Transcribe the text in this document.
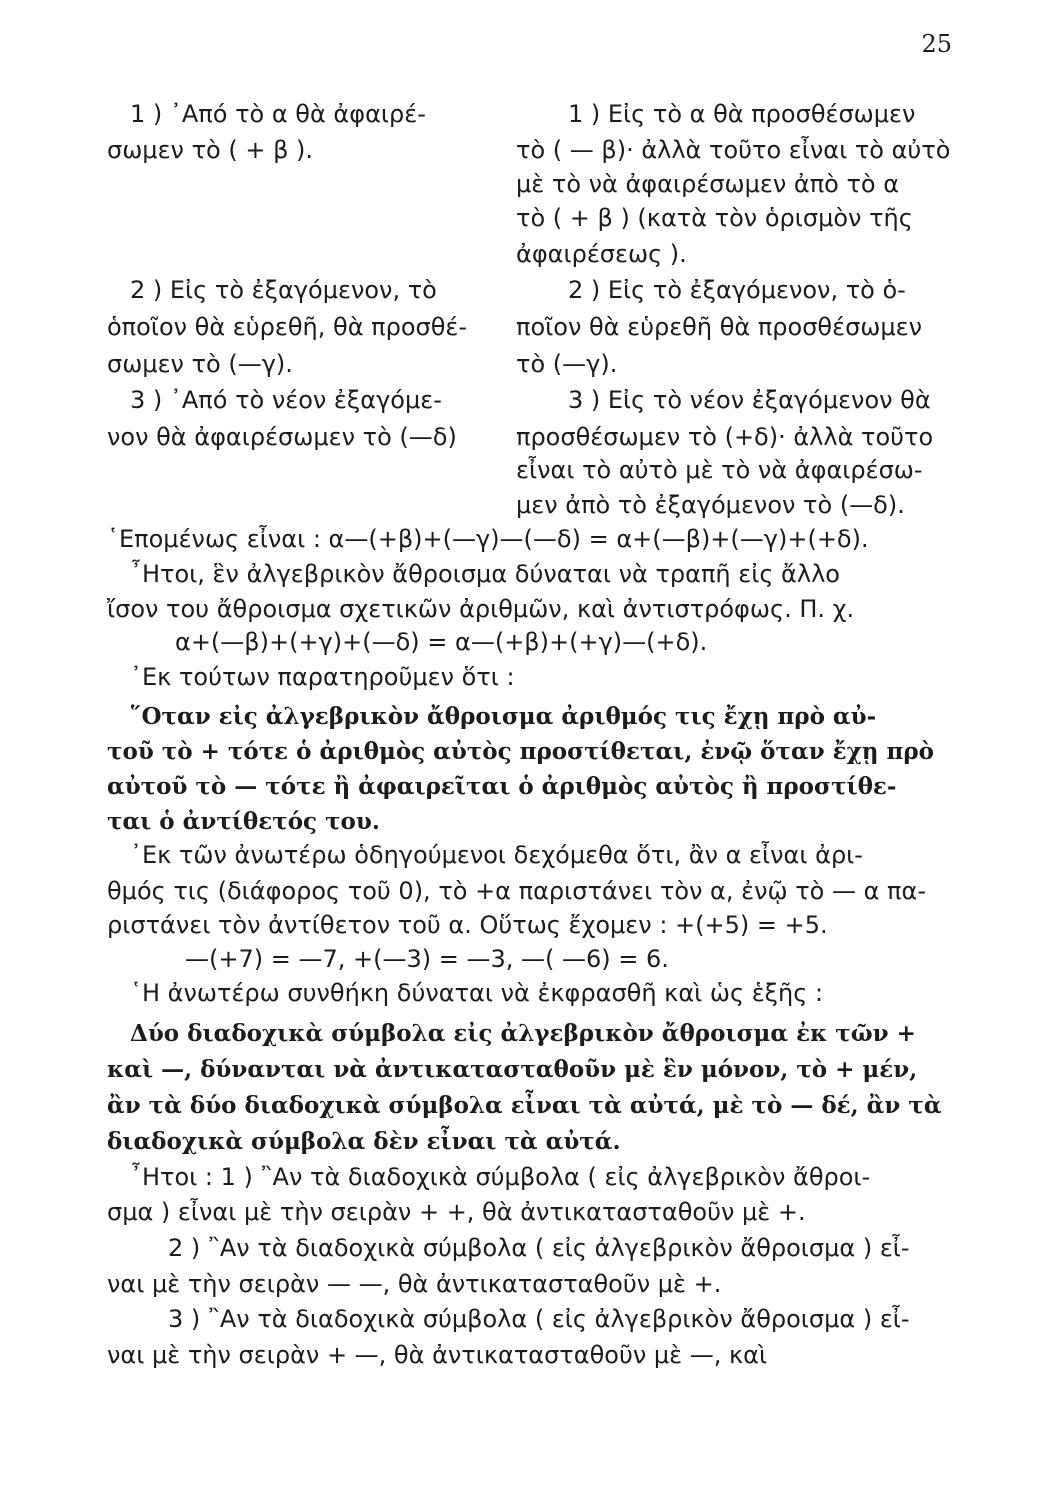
25
1 ) ᾿Από τὸ α θὰ ἀφαιρέ-
σωμεν τὸ ( + β ).
2 ) Εἰς τὸ ἐξαγόμενον, τὸ
ὁποῖον θὰ εὑρεθῆ, θὰ προσθέ-
σωμεν τὸ (—γ).
3 ) ᾿Από τὸ νέον ἐξαγόμε-
νον θὰ ἀφαιρέσωμεν τὸ (—δ)
1 ) Εἰς τὸ α θὰ προσθέσωμεν
τὸ ( — β)· ἀλλὰ τοῦτο εἶναι τὸ αὐτὸ
μὲ τὸ νὰ ἀφαιρέσωμεν ἀπὸ τὸ α
τὸ ( + β ) (κατὰ τὸν ὁρισμὸν τῆς
ἀφαιρέσεως ).
2 ) Εἰς τὸ ἐξαγόμενον, τὸ ὁ-
ποῖον θὰ εὑρεθῆ θὰ προσθέσωμεν
τὸ (—γ).
3 ) Εἰς τὸ νέον ἐξαγόμενον θὰ
προσθέσωμεν τὸ (+δ)· ἀλλὰ τοῦτο
εἶναι τὸ αὐτὸ μὲ τὸ νὰ ἀφαιρέσω-
μεν ἀπὸ τὸ ἐξαγόμενον τὸ (—δ).
῾Επομένως εἶναι : α—(+β)+(—γ)—(—δ) = α+(—β)+(—γ)+(+δ).
῏Ητοι, ἓν ἀλγεβρικὸν ἄθροισμα δύναται νὰ τραπῆ εἰς ἄλλο
ἴσον του ἄθροισμα σχετικῶν ἀριθμῶν, καὶ ἀντιστρόφως. Π. χ.
α+(—β)+(+γ)+(—δ) = α—(+β)+(+γ)—(+δ).
᾿Εκ τούτων παρατηροῦμεν ὅτι :
῞Οταν εἰς ἀλγεβρικὸν ἄθροισμα ἀριθμός τις ἔχῃ πρὸ αὐ-
τοῦ τὸ + τότε ὁ ἀριθμὸς αὐτὸς προστίθεται, ἐνῷ ὅταν ἔχῃ πρὸ
αὐτοῦ τὸ — τότε ἢ ἀφαιρεῖται ὁ ἀριθμὸς αὐτὸς ἢ προστίθε-
ται ὁ ἀντίθετός του.
᾿Εκ τῶν ἀνωτέρω ὁδηγούμενοι δεχόμεθα ὅτι, ἂν α εἶναι ἀρι-
θμός τις (διάφορος τοῦ 0), τὸ +α παριστάνει τὸν α, ἐνῷ τὸ — α πα-
ριστάνει τὸν ἀντίθετον τοῦ α. Οὕτως ἔχομεν : +(+5) = +5.
—(+7) = —7, +(—3) = —3, —( —6) = 6.
῾Η ἀνωτέρω συνθήκη δύναται νὰ ἐκφρασθῆ καὶ ὡς ἑξῆς :
Δύο διαδοχικὰ σύμβολα εἰς ἀλγεβρικὸν ἄθροισμα ἐκ τῶν +
καὶ —, δύνανται νὰ ἀντικατασταθοῦν μὲ ἓν μόνον, τὸ + μέν,
ἂν τὰ δύο διαδοχικὰ σύμβολα εἶναι τὰ αὐτά, μὲ τὸ — δέ, ἂν τὰ
διαδοχικὰ σύμβολα δὲν εἶναι τὰ αὐτά.
῏Ητοι : 1 ) ῍Αν τὰ διαδοχικὰ σύμβολα ( εἰς ἀλγεβρικὸν ἄθροι-
σμα ) εἶναι μὲ τὴν σειρὰν + +, θὰ ἀντικατασταθοῦν μὲ +.
2 ) ῍Αν τὰ διαδοχικὰ σύμβολα ( εἰς ἀλγεβρικὸν ἄθροισμα ) εἶ-
ναι μὲ τὴν σειρὰν — —, θὰ ἀντικατασταθοῦν μὲ +.
3 ) ῍Αν τὰ διαδοχικὰ σύμβολα ( εἰς ἀλγεβρικὸν ἄθροισμα ) εἶ-
ναι μὲ τὴν σειρὰν + —, θὰ ἀντικατασταθοῦν μὲ —, καὶ
